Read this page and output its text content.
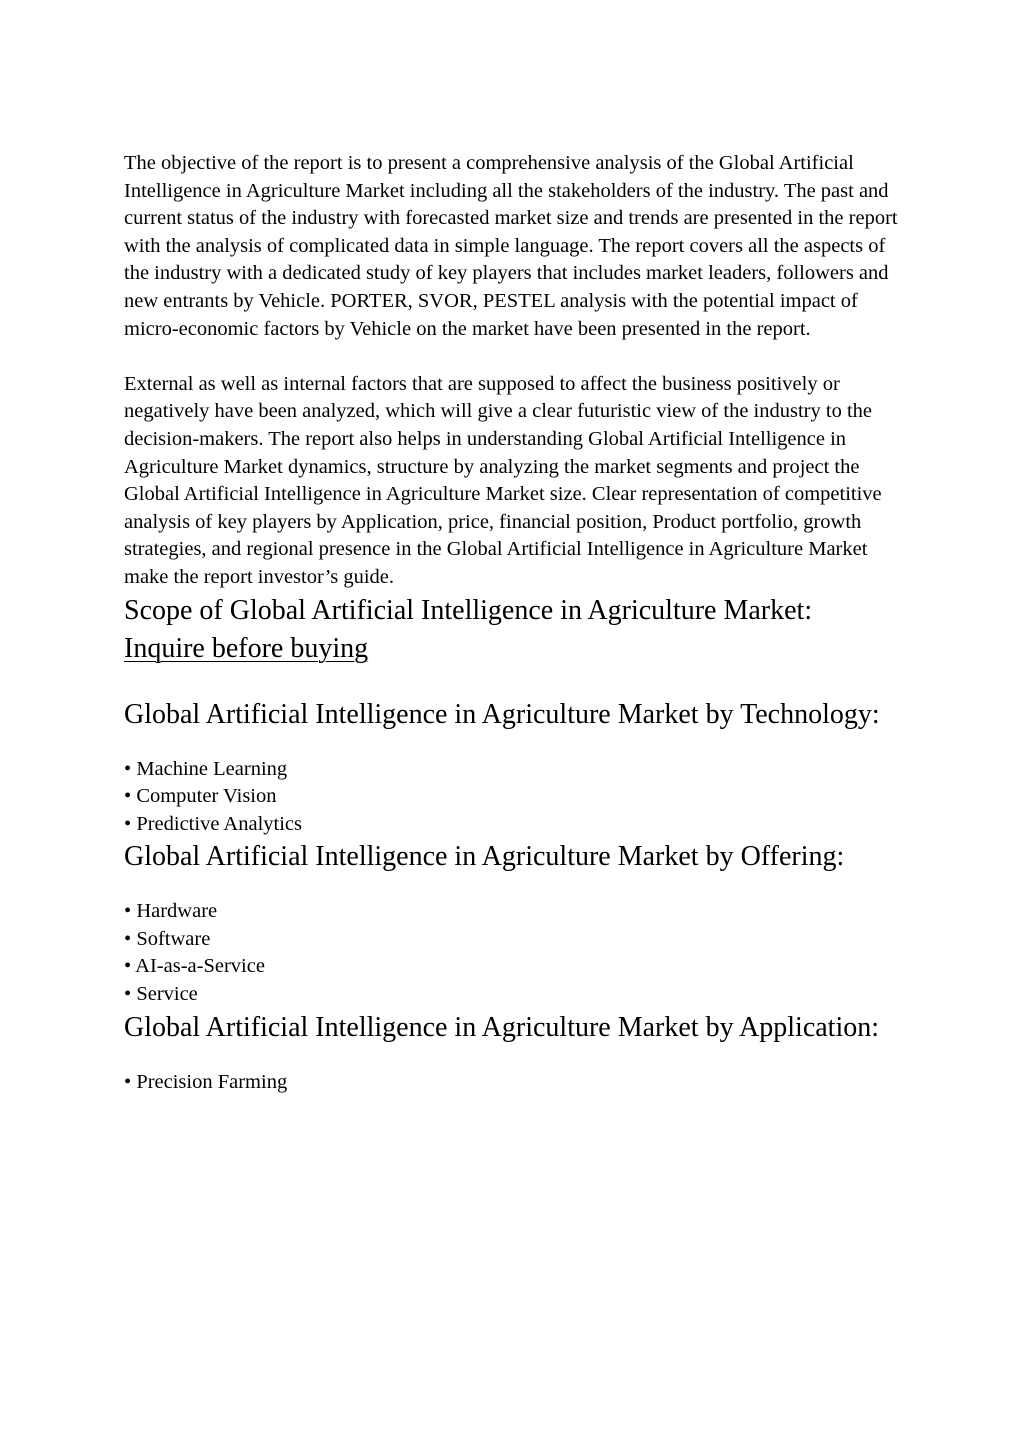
The objective of the report is to present a comprehensive analysis of the Global Artificial Intelligence in Agriculture Market including all the stakeholders of the industry. The past and current status of the industry with forecasted market size and trends are presented in the report with the analysis of complicated data in simple language. The report covers all the aspects of the industry with a dedicated study of key players that includes market leaders, followers and new entrants by Vehicle. PORTER, SVOR, PESTEL analysis with the potential impact of micro-economic factors by Vehicle on the market have been presented in the report.

External as well as internal factors that are supposed to affect the business positively or negatively have been analyzed, which will give a clear futuristic view of the industry to the decision-makers. The report also helps in understanding Global Artificial Intelligence in Agriculture Market dynamics, structure by analyzing the market segments and project the Global Artificial Intelligence in Agriculture Market size. Clear representation of competitive analysis of key players by Application, price, financial position, Product portfolio, growth strategies, and regional presence in the Global Artificial Intelligence in Agriculture Market make the report investor’s guide.

Scope of Global Artificial Intelligence in Agriculture Market:
Inquire before buying
Global Artificial Intelligence in Agriculture Market by Technology:
• Machine Learning
• Computer Vision
• Predictive Analytics
Global Artificial Intelligence in Agriculture Market by Offering:
• Hardware
• Software
• AI-as-a-Service
• Service
Global Artificial Intelligence in Agriculture Market by Application:
• Precision Farming
